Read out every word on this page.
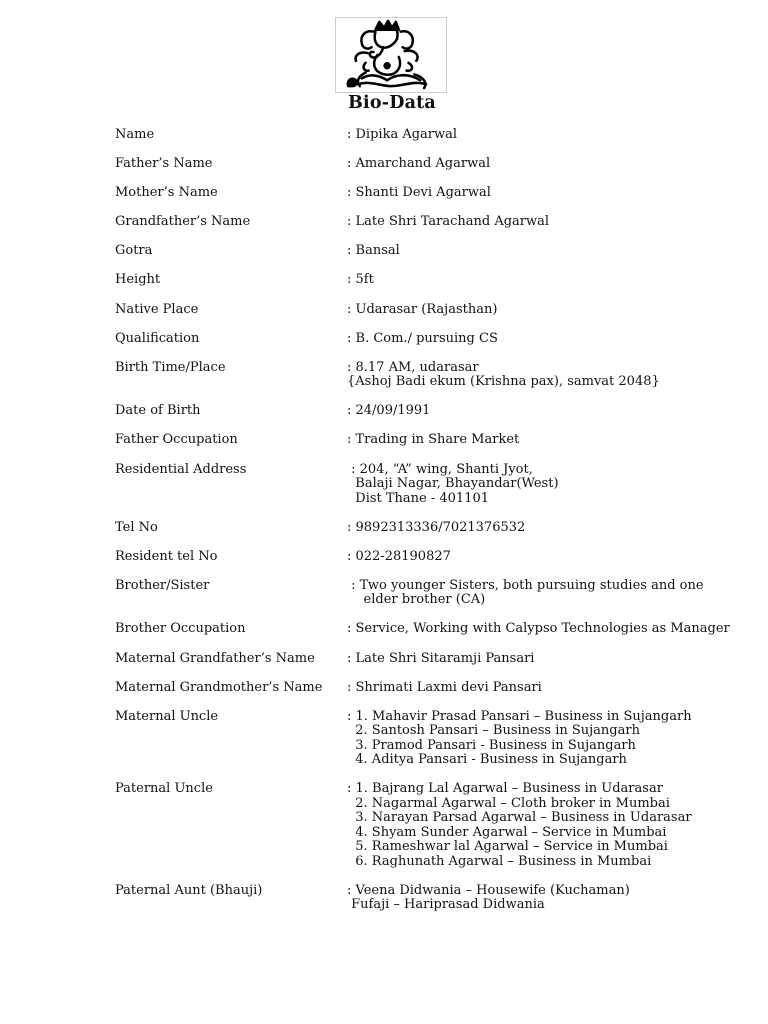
Bio-Data
Name	: Dipika Agarwal
Father’s Name	: Amarchand Agarwal
Mother’s Name	: Shanti Devi Agarwal
Grandfather’s Name	: Late Shri Tarachand Agarwal
Gotra	: Bansal
Height	: 5ft
Native Place	: Udarasar (Rajasthan)
Qualification	: B. Com./ pursuing CS
Birth Time/Place	: 8.17 AM, udarasar
{Ashoj Badi ekum (Krishna pax), samvat 2048}
Date of Birth	: 24/09/1991
Father Occupation	: Trading in Share Market
Residential Address	: 204, “A” wing, Shanti Jyot,
Balaji Nagar, Bhayandar(West)
Dist Thane - 401101
Tel No	: 9892313336/7021376532
Resident tel No	: 022-28190827
Brother/Sister	: Two younger Sisters, both pursuing studies and one
elder brother (CA)
Brother Occupation	: Service, Working with Calypso Technologies as Manager
Maternal Grandfather’s Name	: Late Shri Sitaramji Pansari
Maternal Grandmother’s Name	: Shrimati Laxmi devi Pansari
Maternal Uncle	: 1. Mahavir Prasad Pansari – Business in Sujangarh
2. Santosh Pansari – Business in Sujangarh
3. Pramod Pansari - Business in Sujangarh
4. Aditya Pansari - Business in Sujangarh
Paternal Uncle	: 1. Bajrang Lal Agarwal – Business in Udarasar
2. Nagarmal Agarwal – Cloth broker in Mumbai
3. Narayan Parsad Agarwal – Business in Udarasar
4. Shyam Sunder Agarwal – Service in Mumbai
5. Rameshwar lal Agarwal – Service in Mumbai
6. Raghunath Agarwal – Business in Mumbai
Paternal Aunt (Bhauji)	: Veena Didwania – Housewife (Kuchaman)
Fufaji – Hariprasad Didwania
